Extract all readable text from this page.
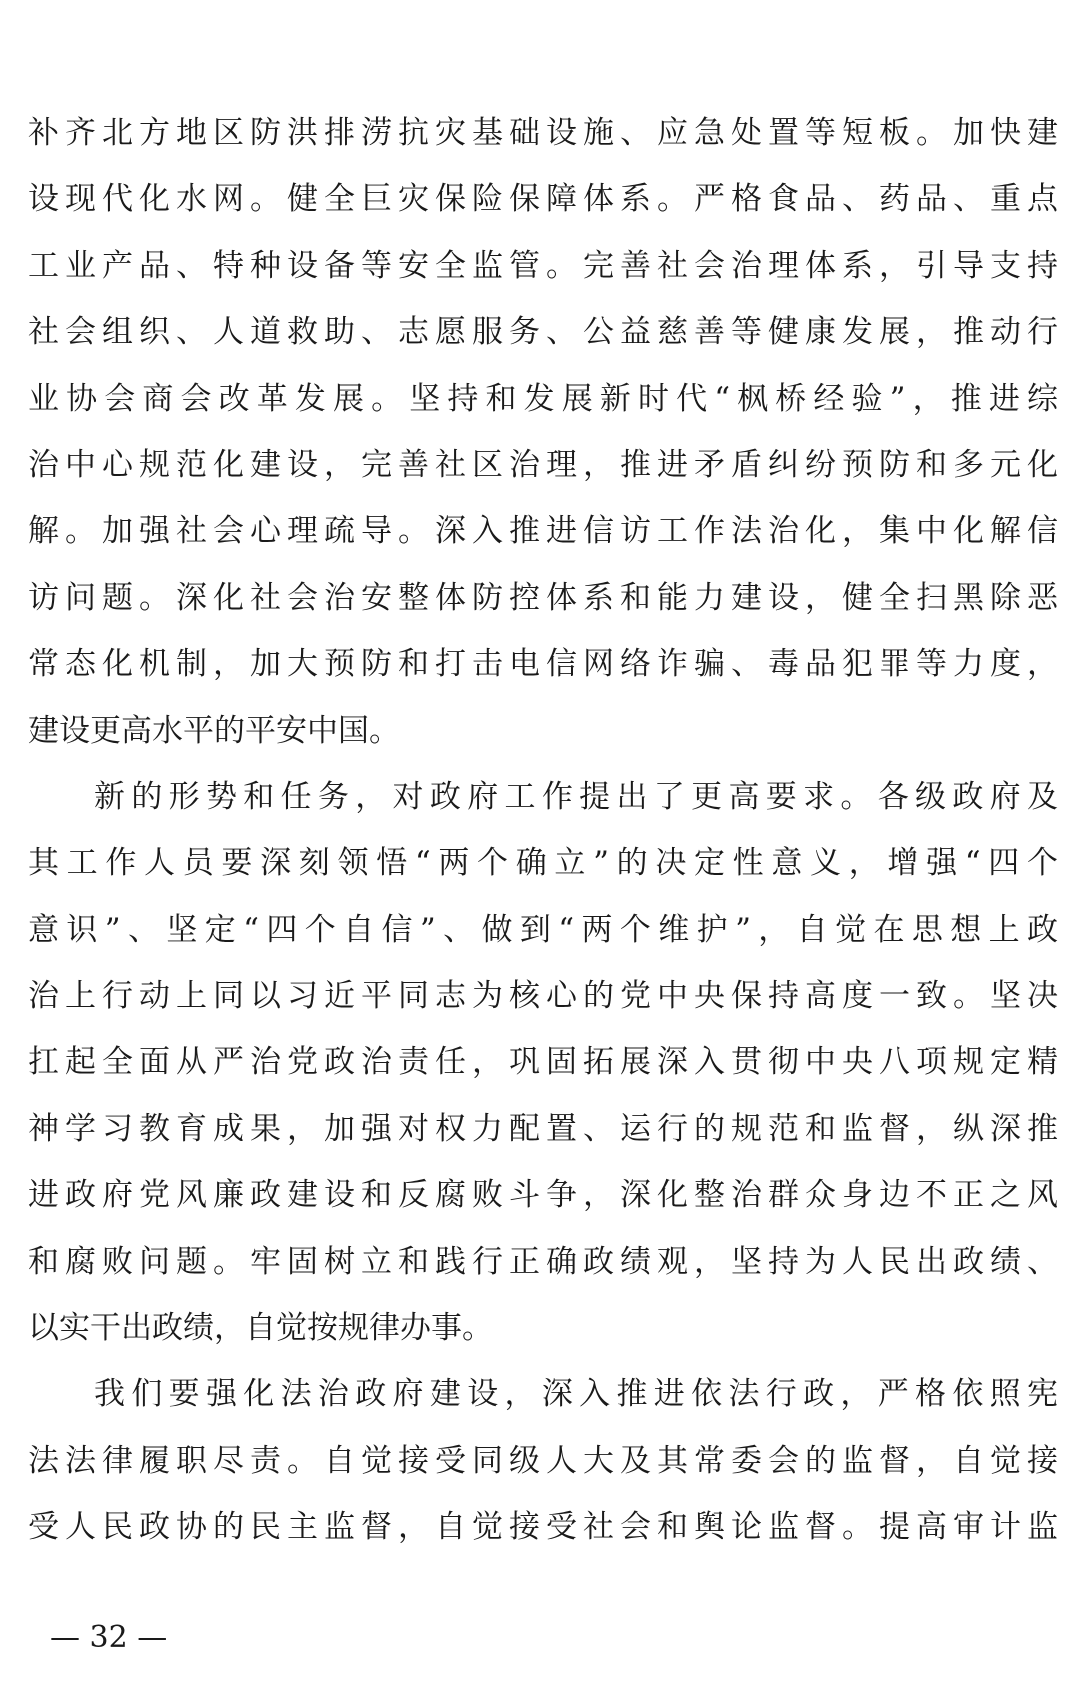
补齐北方地区防洪排涝抗灾基础设施、应急处置等短板。加快建
设现代化水网。健全巨灾保险保障体系。严格食品、药品、重点
工业产品、特种设备等安全监管。完善社会治理体系，引导支持
社会组织、人道救助、志愿服务、公益慈善等健康发展，推动行
业协会商会改革发展。坚持和发展新时代“枫桥经验”，推进综
治中心规范化建设，完善社区治理，推进矛盾纠纷预防和多元化
解。加强社会心理疏导。深入推进信访工作法治化，集中化解信
访问题。深化社会治安整体防控体系和能力建设，健全扫黑除恶
常态化机制，加大预防和打击电信网络诈骗、毒品犯罪等力度，
建设更高水平的平安中国。
新的形势和任务，对政府工作提出了更高要求。各级政府及
其工作人员要深刻领悟“两个确立”的决定性意义，增强“四个
意识”、坚定“四个自信”、做到“两个维护”，自觉在思想上政
治上行动上同以习近平同志为核心的党中央保持高度一致。坚决
扛起全面从严治党政治责任，巩固拓展深入贯彻中央八项规定精
神学习教育成果，加强对权力配置、运行的规范和监督，纵深推
进政府党风廉政建设和反腐败斗争，深化整治群众身边不正之风
和腐败问题。牢固树立和践行正确政绩观，坚持为人民出政绩、
以实干出政绩，自觉按规律办事。
我们要强化法治政府建设，深入推进依法行政，严格依照宪
法法律履职尽责。自觉接受同级人大及其常委会的监督，自觉接
受人民政协的民主监督，自觉接受社会和舆论监督。提高审计监
— 32 —
